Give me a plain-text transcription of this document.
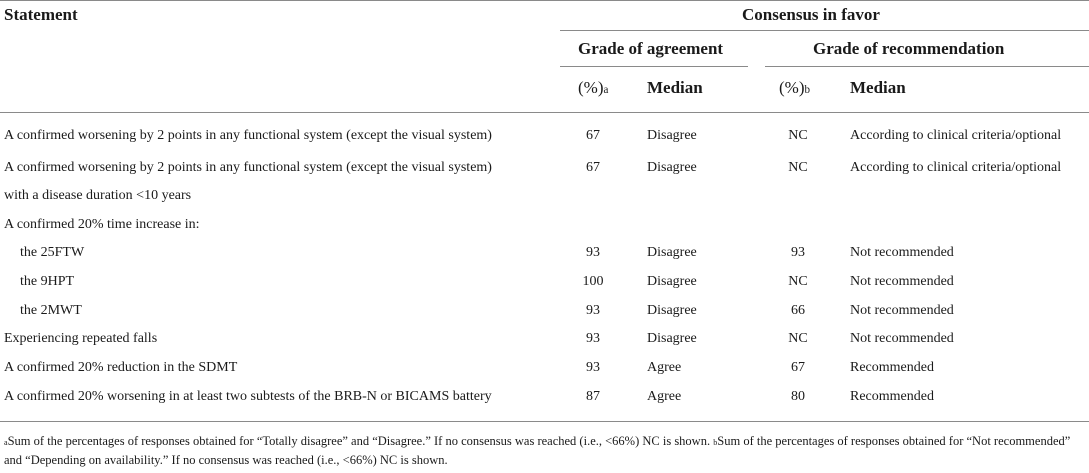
Statement	Consensus in favor
Grade of agreement	Grade of recommendation
(%)$^a$ Median	(%)$^b$ Median
A confirmed worsening by 2 points in any functional system (except the visual system)	67	Disagree	NC	According to clinical criteria/optional
A confirmed worsening by 2 points in any functional system (except the visual system)	67	Disagree	NC	According to clinical criteria/optional
with a disease duration <10 years
A confirmed 20% time increase in:
the 25FTW	93	Disagree	93	Not recommended
the 9HPT	100	Disagree	NC	Not recommended
the 2MWT	93	Disagree	66	Not recommended
Experiencing repeated falls	93	Disagree	NC	Not recommended
A confirmed 20% reduction in the SDMT	93	Agree	67	Recommended
A confirmed 20% worsening in at least two subtests of the BRB-N or BICAMS battery	87	Agree	80	Recommended
$^a$Sum of the percentages of responses obtained for “Totally disagree” and “Disagree.” If no consensus was reached (i.e., <66%) NC is shown. $^b$Sum of the percentages of responses obtained for “Not recommended” and “Depending on availability.” If no consensus was reached (i.e., <66%) NC is shown.
